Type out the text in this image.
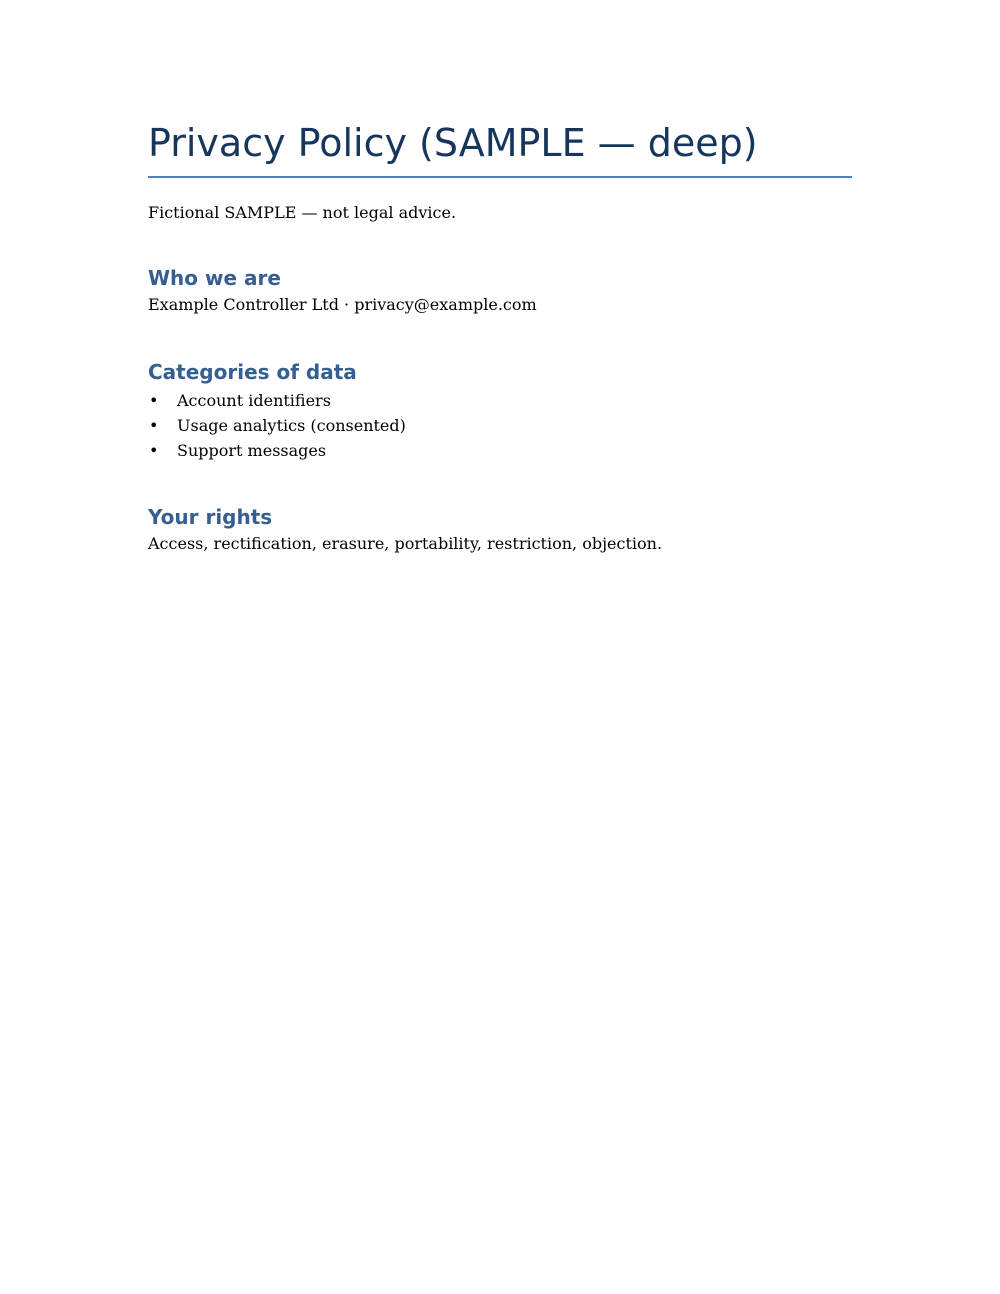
Privacy Policy (SAMPLE — deep)

Fictional SAMPLE — not legal advice.

Who we are

Example Controller Ltd · privacy@example.com

Categories of data
• Account identifiers
• Usage analytics (consented)
• Support messages
Your rights

Access, rectification, erasure, portability, restriction, objection.
